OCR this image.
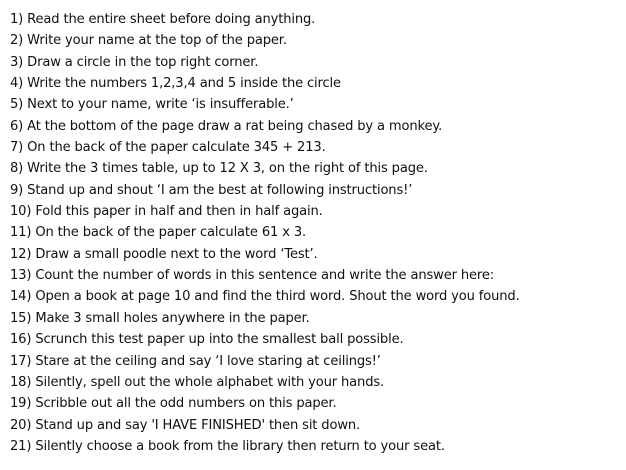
1) Read the entire sheet before doing anything.
2) Write your name at the top of the paper.
3) Draw a circle in the top right corner.
4) Write the numbers 1,2,3,4 and 5 inside the circle
5) Next to your name, write ‘is insufferable.’
6) At the bottom of the page draw a rat being chased by a monkey.
7) On the back of the paper calculate 345 + 213.
8) Write the 3 times table, up to 12 X 3, on the right of this page.
9) Stand up and shout ‘I am the best at following instructions!’
10) Fold this paper in half and then in half again.
11) On the back of the paper calculate 61 x 3.
12) Draw a small poodle next to the word ‘Test’.
13) Count the number of words in this sentence and write the answer here:
14) Open a book at page 10 and find the third word. Shout the word you found.
15) Make 3 small holes anywhere in the paper.
16) Scrunch this test paper up into the smallest ball possible.
17) Stare at the ceiling and say ‘I love staring at ceilings!’
18) Silently, spell out the whole alphabet with your hands.
19) Scribble out all the odd numbers on this paper.
20) Stand up and say 'I HAVE FINISHED' then sit down.
21) Silently choose a book from the library then return to your seat.
